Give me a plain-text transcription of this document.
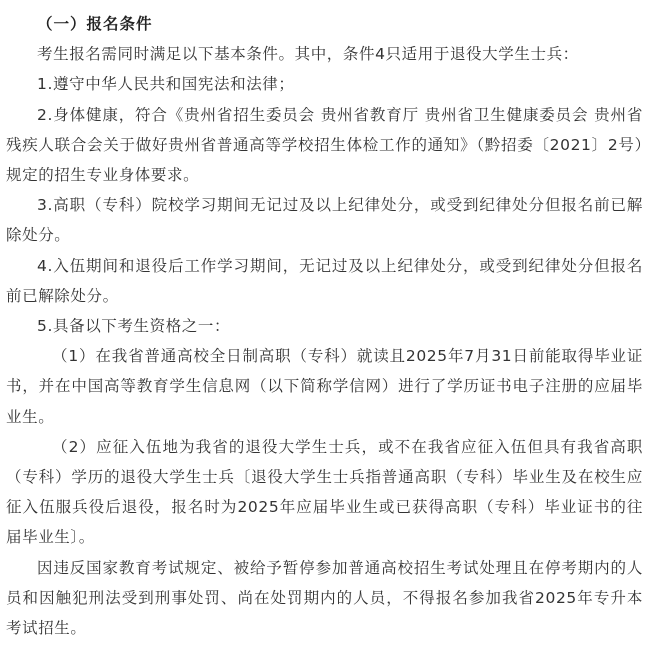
（一）报名条件

考生报名需同时满足以下基本条件。其中，条件4只适用于退役大学生士兵：

1.遵守中华人民共和国宪法和法律；

2.身体健康，符合《贵州省招生委员会 贵州省教育厅 贵州省卫生健康委员会 贵州省残疾人联合会关于做好贵州省普通高等学校招生体检工作的通知》（黔招委〔2021〕2号）规定的招生专业身体要求。

3.高职（专科）院校学习期间无记过及以上纪律处分，或受到纪律处分但报名前已解除处分。

4.入伍期间和退役后工作学习期间，无记过及以上纪律处分，或受到纪律处分但报名前已解除处分。

5.具备以下考生资格之一：

（1）在我省普通高校全日制高职（专科）就读且2025年7月31日前能取得毕业证书，并在中国高等教育学生信息网（以下简称学信网）进行了学历证书电子注册的应届毕业生。

（2）应征入伍地为我省的退役大学生士兵，或不在我省应征入伍但具有我省高职（专科）学历的退役大学生士兵〔退役大学生士兵指普通高职（专科）毕业生及在校生应征入伍服兵役后退役，报名时为2025年应届毕业生或已获得高职（专科）毕业证书的往届毕业生〕。

因违反国家教育考试规定、被给予暂停参加普通高校招生考试处理且在停考期内的人员和因触犯刑法受到刑事处罚、尚在处罚期内的人员，不得报名参加我省2025年专升本考试招生。
